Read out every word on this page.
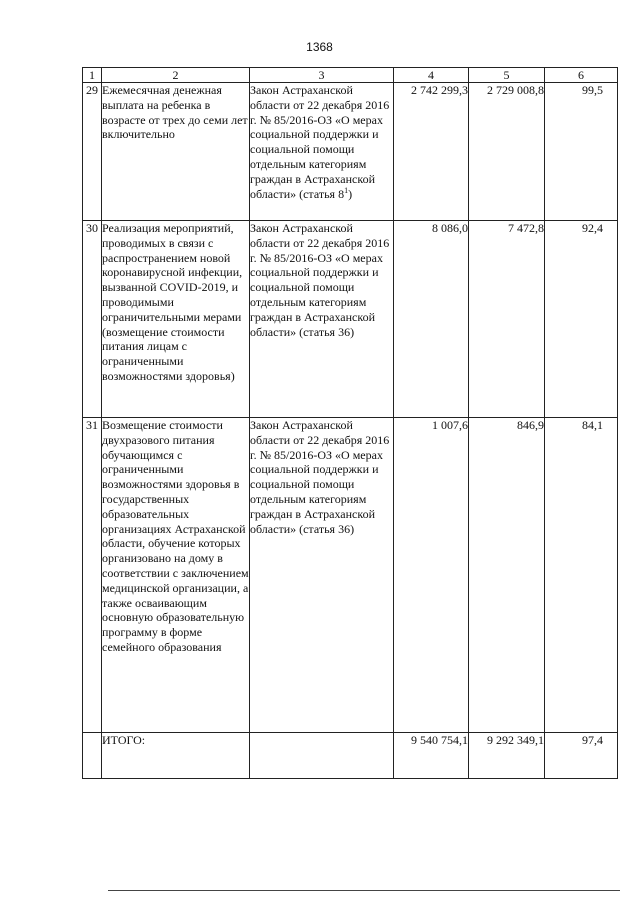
1368
1	2	3	4	5	6
29	Ежемесячная денежная выплата на ребенка в возрасте от трех до семи лет включительно	Закон Астраханской области от 22 декабря 2016 г. № 85/2016-ОЗ «О мерах социальной поддержки и социальной помощи отдельным категориям граждан в Астраханской области» (статья $8^1$)	2 742 299,3	2 729 008,8	99,5
30	Реализация мероприятий, проводимых в связи с распространением новой коронавирусной инфекции, вызванной COVID-2019, и проводимыми ограничительными мерами (возмещение стоимости питания лицам с ограниченными возможностями здоровья)	Закон Астраханской области от 22 декабря 2016 г. № 85/2016-ОЗ «О мерах социальной поддержки и социальной помощи отдельным категориям граждан в Астраханской области» (статья 36)	8 086,0	7 472,8	92,4
31	Возмещение стоимости двухразового питания обучающимся с ограниченными возможностями здоровья в государственных образовательных организациях Астраханской области, обучение которых организовано на дому в соответствии с заключением медицинской организации, а также осваивающим основную образовательную программу в форме семейного образования	Закон Астраханской области от 22 декабря 2016 г. № 85/2016-ОЗ «О мерах социальной поддержки и социальной помощи отдельным категориям граждан в Астраханской области» (статья 36)	1 007,6	846,9	84,1
	ИТОГО:		9 540 754,1	9 292 349,1	97,4
